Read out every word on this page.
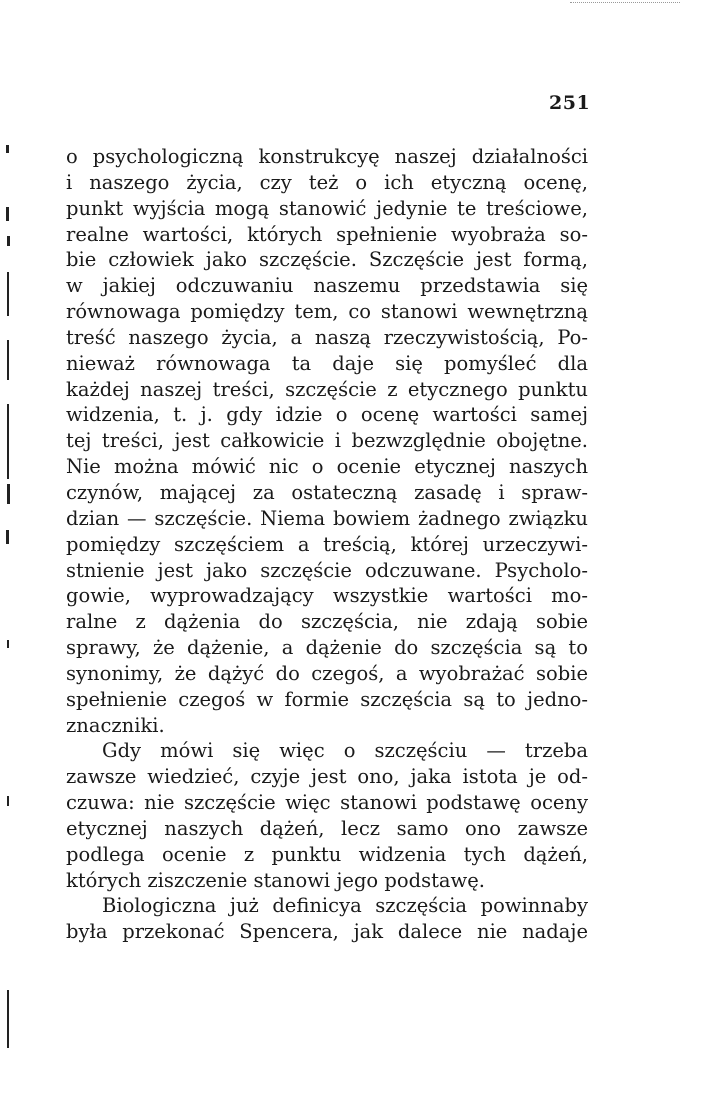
251
o psychologiczną konstrukcyę naszej działalności
i naszego życia, czy też o ich etyczną ocenę,
punkt wyjścia mogą stanowić jedynie te treściowe,
realne wartości, których spełnienie wyobraża so-
bie człowiek jako szczęście. Szczęście jest formą,
w jakiej odczuwaniu naszemu przedstawia się
równowaga pomiędzy tem, co stanowi wewnętrzną
treść naszego życia, a naszą rzeczywistością, Po-
nieważ równowaga ta daje się pomyśleć dla
każdej naszej treści, szczęście z etycznego punktu
widzenia, t. j. gdy idzie o ocenę wartości samej
tej treści, jest całkowicie i bezwzględnie obojętne.
Nie można mówić nic o ocenie etycznej naszych
czynów, mającej za ostateczną zasadę i spraw-
dzian — szczęście. Niema bowiem żadnego związku
pomiędzy szczęściem a treścią, której urzeczywi-
stnienie jest jako szczęście odczuwane. Psycholo-
gowie, wyprowadzający wszystkie wartości mo-
ralne z dążenia do szczęścia, nie zdają sobie
sprawy, że dążenie, a dążenie do szczęścia są to
synonimy, że dążyć do czegoś, a wyobrażać sobie
spełnienie czegoś w formie szczęścia są to jedno-
znaczniki.
Gdy mówi się więc o szczęściu — trzeba
zawsze wiedzieć, czyje jest ono, jaka istota je od-
czuwa: nie szczęście więc stanowi podstawę oceny
etycznej naszych dążeń, lecz samo ono zawsze
podlega ocenie z punktu widzenia tych dążeń,
których ziszczenie stanowi jego podstawę.
Biologiczna już definicya szczęścia powinnaby
była przekonać Spencera, jak dalece nie nadaje
